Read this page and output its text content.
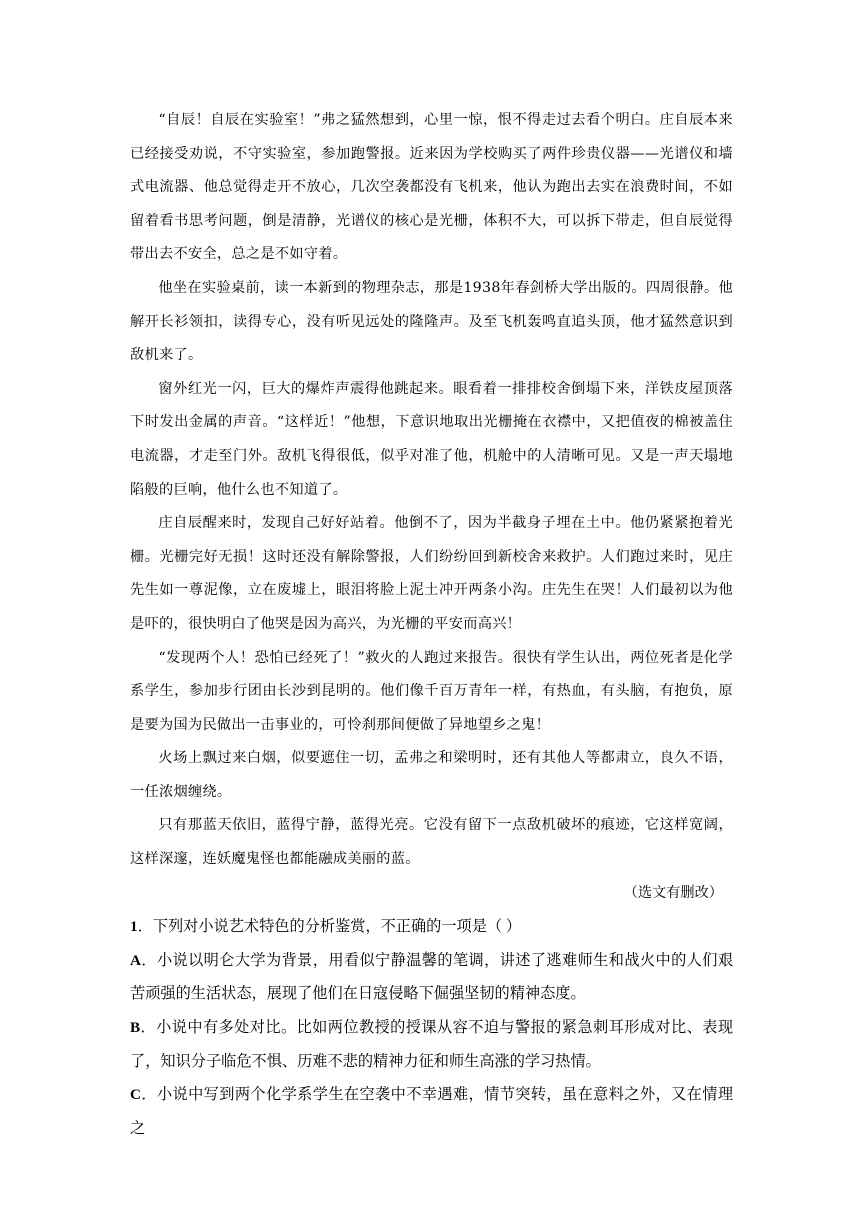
“自辰！自辰在实验室！”弗之猛然想到，心里一惊，恨不得走过去看个明白。庄自辰本来已经接受劝说，不守实验室，参加跑警报。近来因为学校购买了两件珍贵仪器——光谱仪和墙式电流器、他总觉得走开不放心，几次空袭都没有飞机来，他认为跑出去实在浪费时间，不如留着看书思考问题，倒是清静，光谱仪的核心是光栅，体积不大，可以拆下带走，但自辰觉得带出去不安全，总之是不如守着。

他坐在实验桌前，读一本新到的物理杂志，那是1938年春剑桥大学出版的。四周很静。他解开长衫领扣，读得专心，没有听见远处的隆隆声。及至飞机轰鸣直追头顶，他才猛然意识到敌机来了。

窗外红光一闪，巨大的爆炸声震得他跳起来。眼看着一排排校舍倒塌下来，洋铁皮屋顶落下时发出金属的声音。“这样近！”他想，下意识地取出光栅掩在衣襟中，又把值夜的棉被盖住电流器，才走至门外。敌机飞得很低，似乎对准了他，机舱中的人清晰可见。又是一声天塌地陷般的巨响，他什么也不知道了。

庄自辰醒来时，发现自己好好站着。他倒不了，因为半截身子埋在土中。他仍紧紧抱着光栅。光栅完好无损！这时还没有解除警报，人们纷纷回到新校舍来救护。人们跑过来时，见庄先生如一尊泥像，立在废墟上，眼泪将脸上泥土冲开两条小沟。庄先生在哭！人们最初以为他是吓的，很快明白了他哭是因为高兴，为光栅的平安而高兴！

“发现两个人！恐怕已经死了！”救火的人跑过来报告。很快有学生认出，两位死者是化学系学生，参加步行团由长沙到昆明的。他们像千百万青年一样，有热血，有头脑，有抱负，原是要为国为民做出一击事业的，可怜刹那间便做了异地望乡之鬼！

火场上飘过来白烟，似要遮住一切，孟弗之和梁明时，还有其他人等都肃立，良久不语，一任浓烟缠绕。

只有那蓝天依旧，蓝得宁静，蓝得光亮。它没有留下一点敌机破坏的痕迹，它这样宽阔，这样深邃，连妖魔鬼怪也都能融成美丽的蓝。

（选文有删改）

1．下列对小说艺术特色的分析鉴赏，不正确的一项是（ ）

A．小说以明仑大学为背景，用看似宁静温馨的笔调，讲述了逃难师生和战火中的人们艰苦顽强的生活状态，展现了他们在日寇侵略下倔强坚韧的精神态度。

B．小说中有多处对比。比如两位教授的授课从容不迫与警报的紧急刺耳形成对比、表现了，知识分子临危不惧、历难不悲的精神力征和师生高涨的学习热情。

C．小说中写到两个化学系学生在空袭中不幸遇难，情节突转，虽在意料之外，又在情理之
